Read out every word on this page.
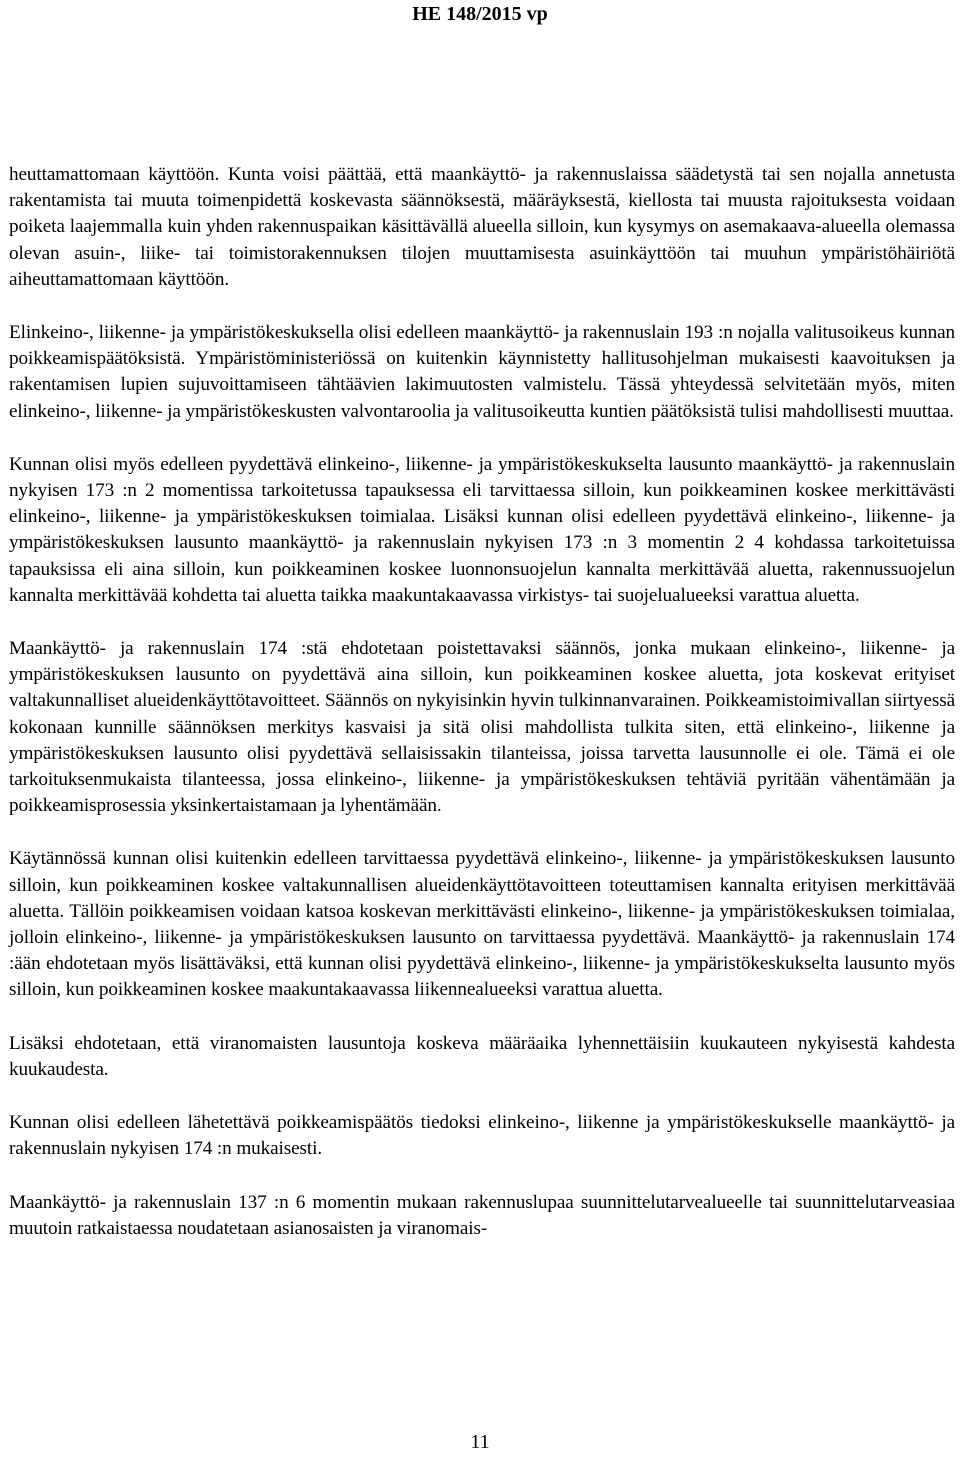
HE 148/2015 vp

heuttamattomaan käyttöön. Kunta voisi päättää, että maankäyttö- ja rakennuslaissa säädetystä tai sen nojalla annetusta rakentamista tai muuta toimenpidettä koskevasta säännöksestä, määräyksestä, kiellosta tai muusta rajoituksesta voidaan poiketa laajemmalla kuin yhden rakennuspaikan käsittävällä alueella silloin, kun kysymys on asemakaava-alueella olemassa olevan asuin-, liike- tai toimistorakennuksen tilojen muuttamisesta asuinkäyttöön tai muuhun ympäristöhäiriötä aiheuttamattomaan käyttöön.

Elinkeino-, liikenne- ja ympäristökeskuksella olisi edelleen maankäyttö- ja rakennuslain 193 :n nojalla valitusoikeus kunnan poikkeamispäätöksistä. Ympäristöministeriössä on kuitenkin käynnistetty hallitusohjelman mukaisesti kaavoituksen ja rakentamisen lupien sujuvoittamiseen tähtäävien lakimuutosten valmistelu. Tässä yhteydessä selvitetään myös, miten elinkeino-, liikenne- ja ympäristökeskusten valvontaroolia ja valitusoikeutta kuntien päätöksistä tulisi mahdollisesti muuttaa.

Kunnan olisi myös edelleen pyydettävä elinkeino-, liikenne- ja ympäristökeskukselta lausunto maankäyttö- ja rakennuslain nykyisen 173 :n 2 momentissa tarkoitetussa tapauksessa eli tarvittaessa silloin, kun poikkeaminen koskee merkittävästi elinkeino-, liikenne- ja ympäristökeskuksen toimialaa. Lisäksi kunnan olisi edelleen pyydettävä elinkeino-, liikenne- ja ympäristökeskuksen lausunto maankäyttö- ja rakennuslain nykyisen 173 :n 3 momentin 2 4 kohdassa tarkoitetuissa tapauksissa eli aina silloin, kun poikkeaminen koskee luonnonsuojelun kannalta merkittävää aluetta, rakennussuojelun kannalta merkittävää kohdetta tai aluetta taikka maakuntakaavassa virkistys- tai suojelualueeksi varattua aluetta.

Maankäyttö- ja rakennuslain 174 :stä ehdotetaan poistettavaksi säännös, jonka mukaan elinkeino-, liikenne- ja ympäristökeskuksen lausunto on pyydettävä aina silloin, kun poikkeaminen koskee aluetta, jota koskevat erityiset valtakunnalliset alueidenkäyttötavoitteet. Säännös on nykyisinkin hyvin tulkinnanvarainen. Poikkeamistoimivallan siirtyessä kokonaan kunnille säännöksen merkitys kasvaisi ja sitä olisi mahdollista tulkita siten, että elinkeino-, liikenne ja ympäristökeskuksen lausunto olisi pyydettävä sellaisissakin tilanteissa, joissa tarvetta lausunnolle ei ole. Tämä ei ole tarkoituksenmukaista tilanteessa, jossa elinkeino-, liikenne- ja ympäristökeskuksen tehtäviä pyritään vähentämään ja poikkeamisprosessia yksinkertaistamaan ja lyhentämään.

Käytännössä kunnan olisi kuitenkin edelleen tarvittaessa pyydettävä elinkeino-, liikenne- ja ympäristökeskuksen lausunto silloin, kun poikkeaminen koskee valtakunnallisen alueidenkäyttötavoitteen toteuttamisen kannalta erityisen merkittävää aluetta. Tällöin poikkeamisen voidaan katsoa koskevan merkittävästi elinkeino-, liikenne- ja ympäristökeskuksen toimialaa, jolloin elinkeino-, liikenne- ja ympäristökeskuksen lausunto on tarvittaessa pyydettävä. Maankäyttö- ja rakennuslain 174 :ään ehdotetaan myös lisättäväksi, että kunnan olisi pyydettävä elinkeino-, liikenne- ja ympäristökeskukselta lausunto myös silloin, kun poikkeaminen koskee maakuntakaavassa liikennealueeksi varattua aluetta.

Lisäksi ehdotetaan, että viranomaisten lausuntoja koskeva määräaika lyhennettäisiin kuukauteen nykyisestä kahdesta kuukaudesta.

Kunnan olisi edelleen lähetettävä poikkeamispäätös tiedoksi elinkeino-, liikenne ja ympäristökeskukselle maankäyttö- ja rakennuslain nykyisen 174 :n mukaisesti.

Maankäyttö- ja rakennuslain 137 :n 6 momentin mukaan rakennuslupaa suunnittelutarvealueelle tai suunnittelutarveasiaa muutoin ratkaistaessa noudatetaan asianosaisten ja viranomais-

11
